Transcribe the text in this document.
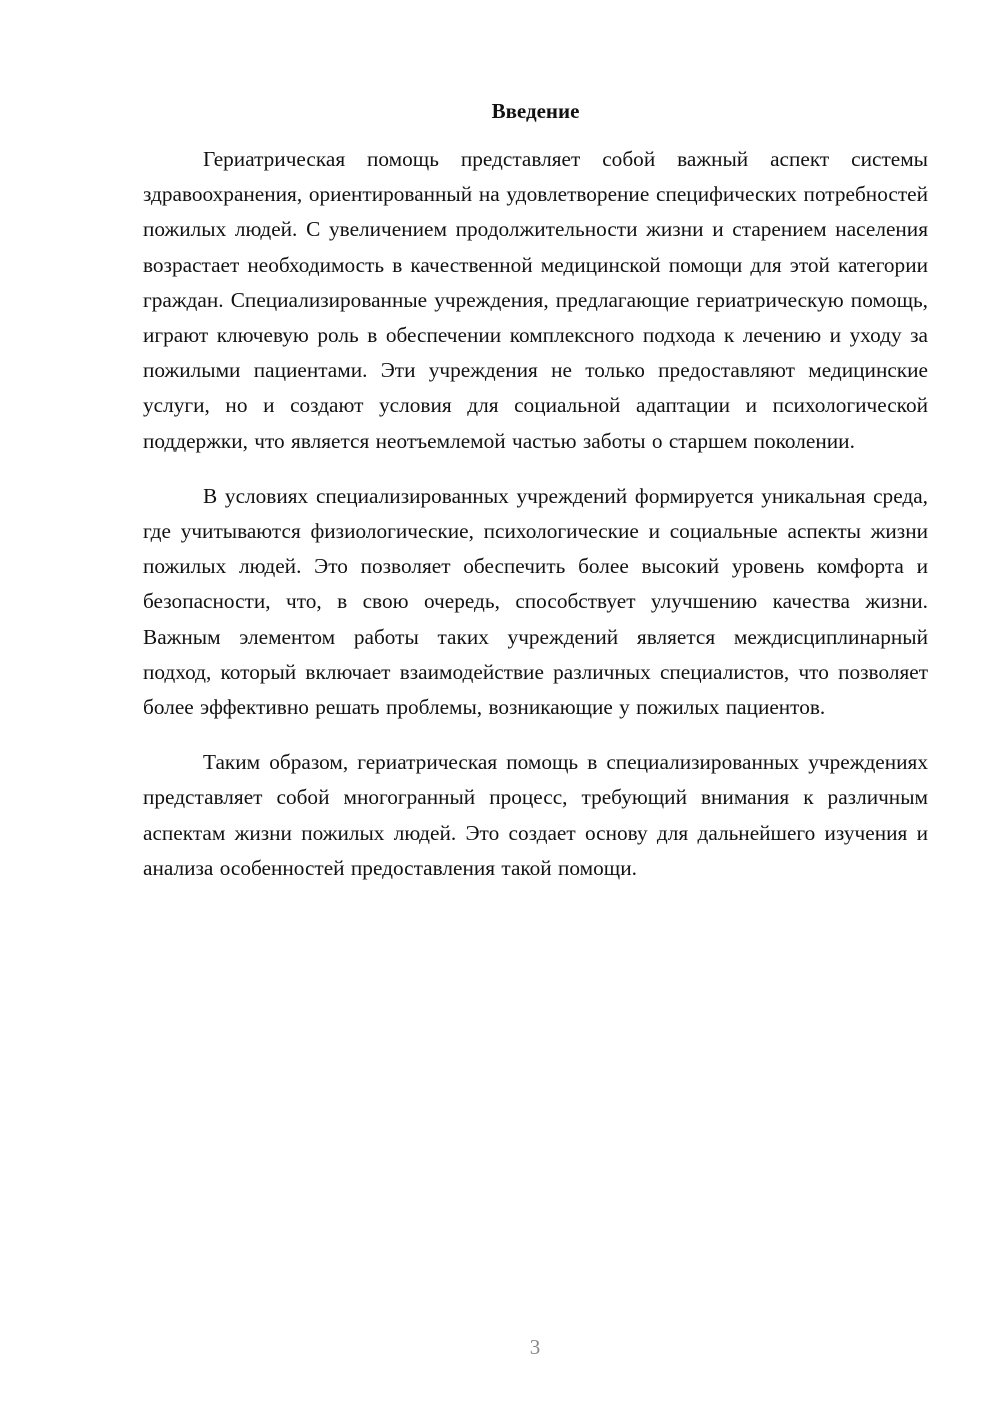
Введение

Гериатрическая помощь представляет собой важный аспект системы здравоохранения, ориентированный на удовлетворение специфических потребностей пожилых людей. С увеличением продолжительности жизни и старением населения возрастает необходимость в качественной медицинской помощи для этой категории граждан. Специализированные учреждения, предлагающие гериатрическую помощь, играют ключевую роль в обеспечении комплексного подхода к лечению и уходу за пожилыми пациентами. Эти учреждения не только предоставляют медицинские услуги, но и создают условия для социальной адаптации и психологической поддержки, что является неотъемлемой частью заботы о старшем поколении.

В условиях специализированных учреждений формируется уникальная среда, где учитываются физиологические, психологические и социальные аспекты жизни пожилых людей. Это позволяет обеспечить более высокий уровень комфорта и безопасности, что, в свою очередь, способствует улучшению качества жизни. Важным элементом работы таких учреждений является междисциплинарный подход, который включает взаимодействие различных специалистов, что позволяет более эффективно решать проблемы, возникающие у пожилых пациентов.

Таким образом, гериатрическая помощь в специализированных учреждениях представляет собой многогранный процесс, требующий внимания к различным аспектам жизни пожилых людей. Это создает основу для дальнейшего изучения и анализа особенностей предоставления такой помощи.

3
